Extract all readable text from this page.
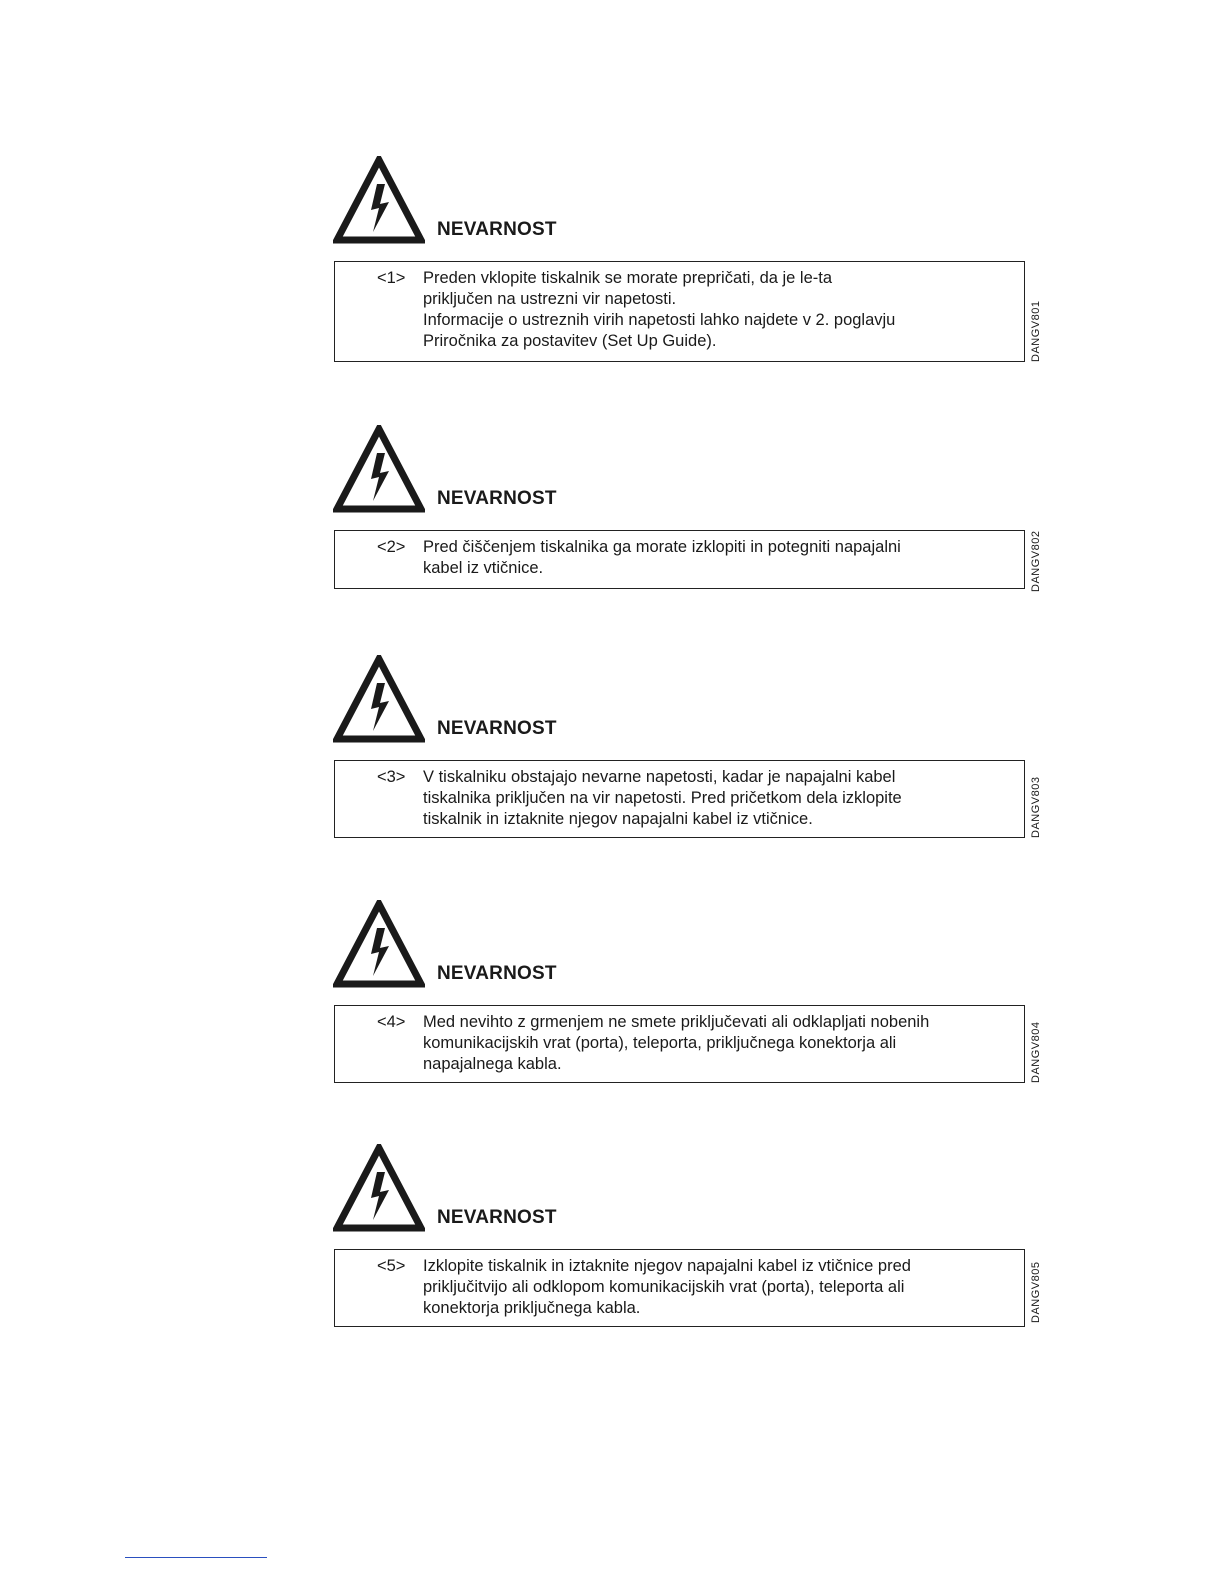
NEVARNOST
<1> Preden vklopite tiskalnik se morate prepričati, da je le-ta
priključen na ustrezni vir napetosti.
Informacije o ustreznih virih napetosti lahko najdete v 2. poglavju
Priročnika za postavitev (Set Up Guide).	DANGV801
NEVARNOST
<2> Pred čiščenjem tiskalnika ga morate izklopiti in potegniti napajalni
kabel iz vtičnice.	DANGV802
NEVARNOST
<3> V tiskalniku obstajajo nevarne napetosti, kadar je napajalni kabel
tiskalnika priključen na vir napetosti. Pred pričetkom dela izklopite
tiskalnik in iztaknite njegov napajalni kabel iz vtičnice.	DANGV803
NEVARNOST
<4> Med nevihto z grmenjem ne smete priključevati ali odklapljati nobenih
komunikacijskih vrat (porta), teleporta, priključnega konektorja ali
napajalnega kabla.	DANGV804
NEVARNOST
<5> Izklopite tiskalnik in iztaknite njegov napajalni kabel iz vtičnice pred
priključitvijo ali odklopom komunikacijskih vrat (porta), teleporta ali
konektorja priključnega kabla.	DANGV805
